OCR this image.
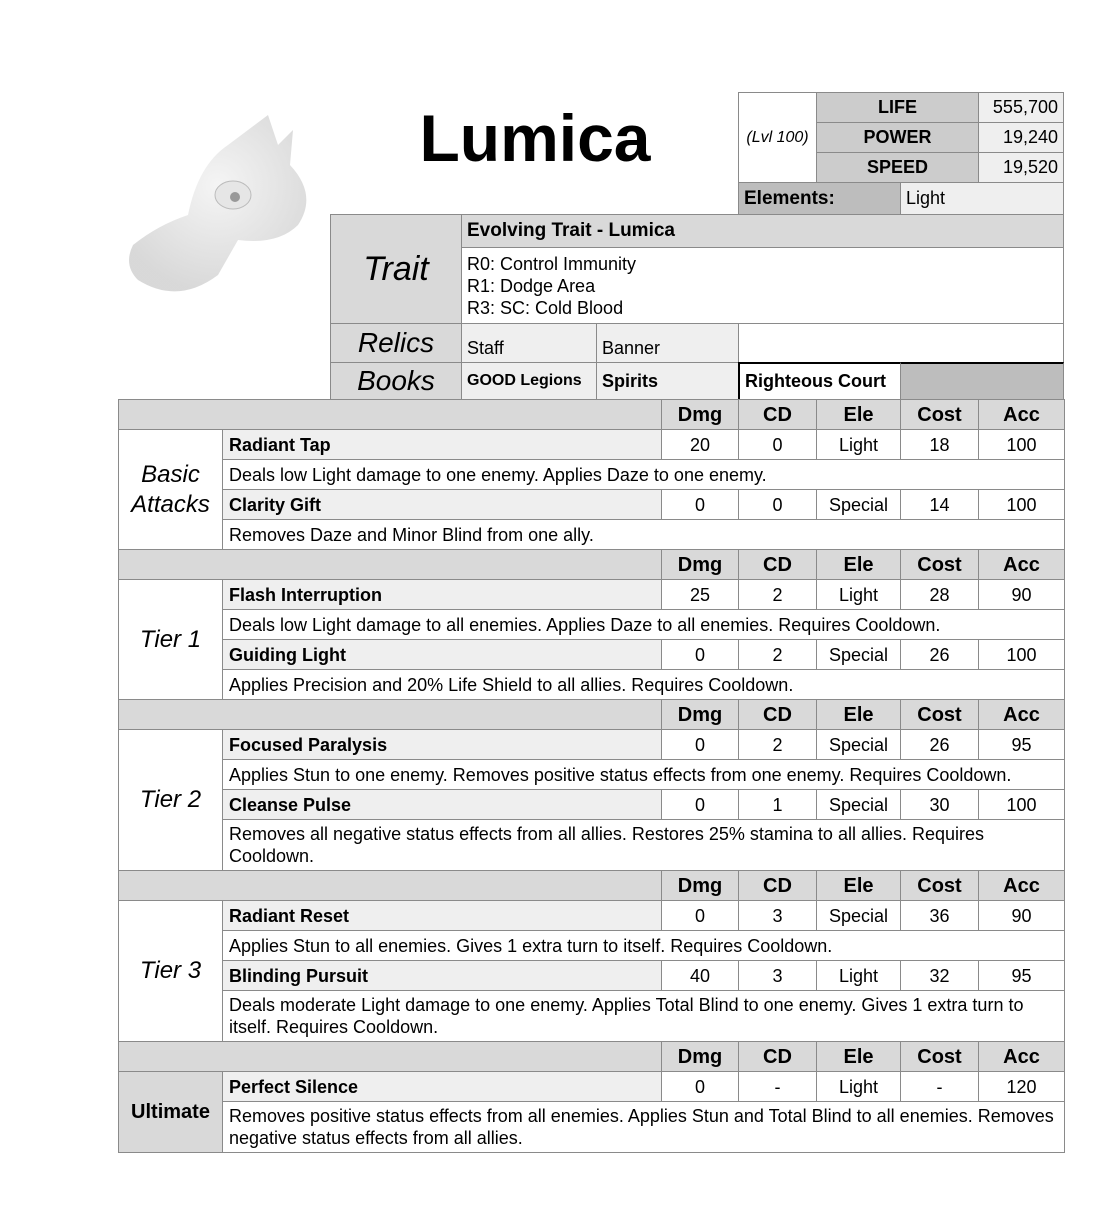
Lumica	(Lvl 100)
LIFE	555,700
POWER	19,240
SPEED	19,520
Elements:	Light
Trait
Evolving Trait - Lumica
R0: Control Immunity
R1: Dodge Area
R3: SC: Cold Blood
Relics	Staff	Banner
Books	GOOD Legions	Spirits	Righteous Court
		Dmg	CD	Ele	Cost	Acc
Basic Attacks	Radiant Tap	20	0	Light	18	100
	Deals low Light damage to one enemy. Applies Daze to one enemy.					
	Clarity Gift	0	0	Special	14	100
	Removes Daze and Minor Blind from one ally.					
		Dmg	CD	Ele	Cost	Acc
Tier 1	Flash Interruption	25	2	Light	28	90
	Deals low Light damage to all enemies. Applies Daze to all enemies. Requires Cooldown.					
	Guiding Light	0	2	Special	26	100
	Applies Precision and 20% Life Shield to all allies. Requires Cooldown.					
		Dmg	CD	Ele	Cost	Acc
Tier 2	Focused Paralysis	0	2	Special	26	95
	Applies Stun to one enemy. Removes positive status effects from one enemy. Requires Cooldown.					
	Cleanse Pulse	0	1	Special	30	100
	Removes all negative status effects from all allies. Restores 25% stamina to all allies. Requires Cooldown.					
		Dmg	CD	Ele	Cost	Acc
Tier 3	Radiant Reset	0	3	Special	36	90
	Applies Stun to all enemies. Gives 1 extra turn to itself. Requires Cooldown.					
	Blinding Pursuit	40	3	Light	32	95
	Deals moderate Light damage to one enemy. Applies Total Blind to one enemy. Gives 1 extra turn to itself. Requires Cooldown.					
		Dmg	CD	Ele	Cost	Acc
Ultimate	Perfect Silence	0	-	Light	-	120
	Removes positive status effects from all enemies. Applies Stun and Total Blind to all enemies. Removes negative status effects from all allies.					
